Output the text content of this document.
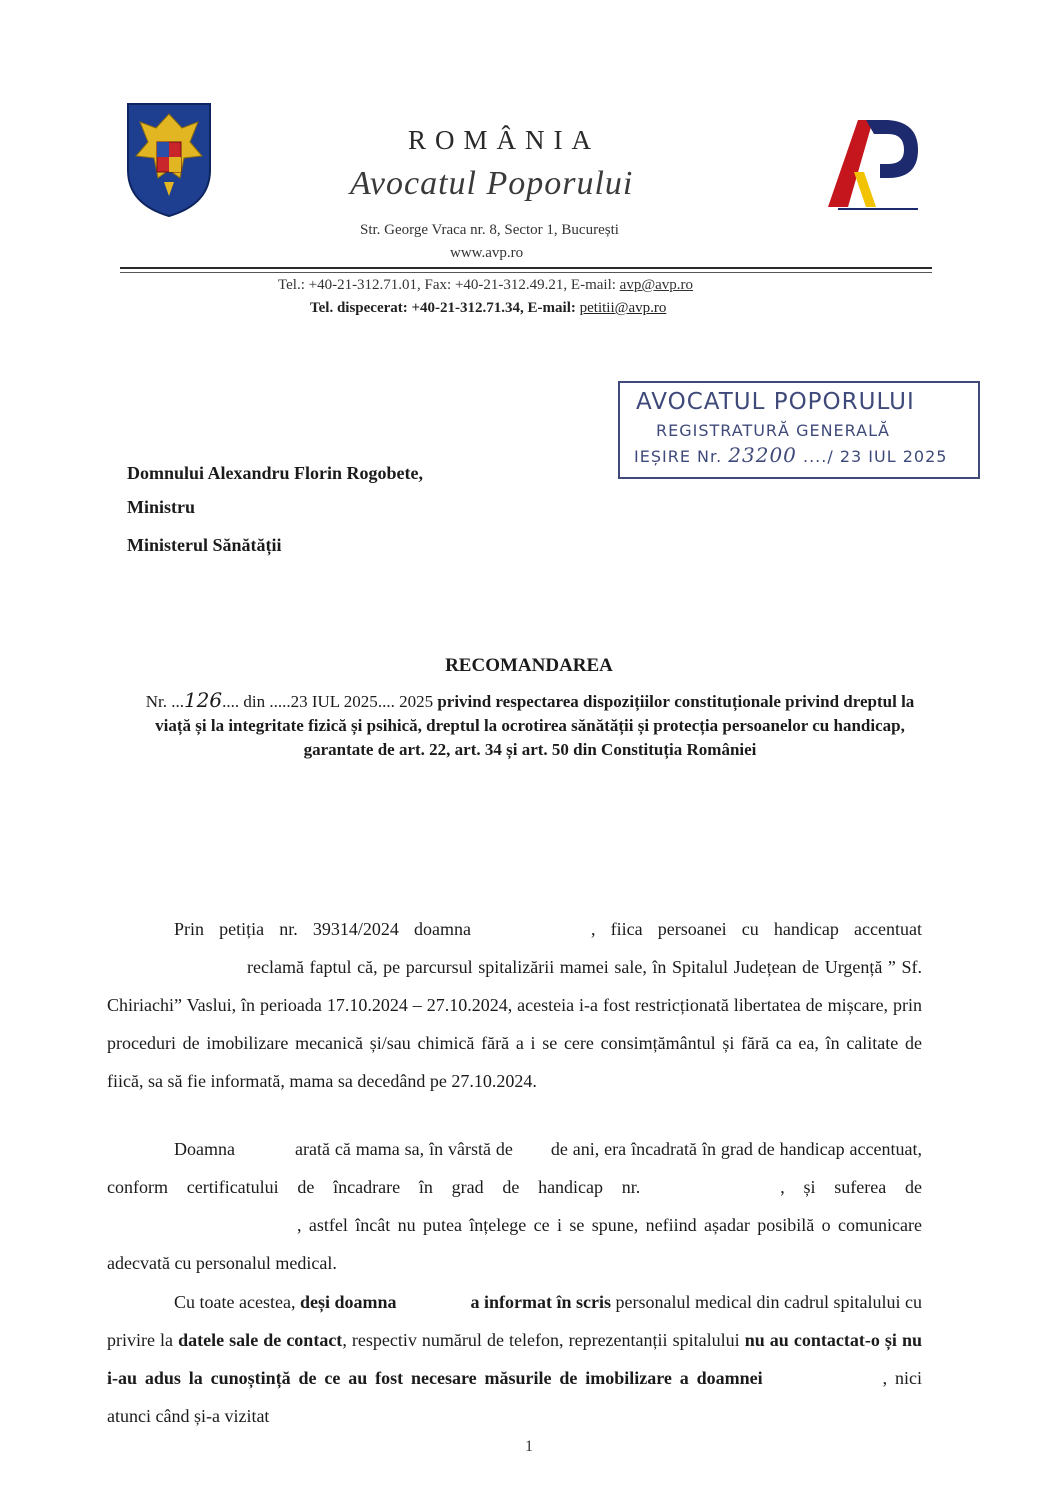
ROMÂNIA
Avocatul Poporului
Str. George Vraca nr. 8, Sector 1, București
www.avp.ro
Tel.: +40-21-312.71.01, Fax: +40-21-312.49.21, E-mail: avp@avp.ro
Tel. dispecerat: +40-21-312.71.34, E-mail: petitii@avp.ro
AVOCATUL POPORULUI
REGISTRATURĂ GENERALĂ
IEȘIRE Nr. 23200 ..../ 23 IUL 2025
Domnului Alexandru Florin Rogobete,
Ministru
Ministerul Sănătății
RECOMANDAREA
Nr. ...126.... din .....23 IUL 2025.... 2025 privind respectarea dispozițiilor constituționale privind dreptul la viață și la integritate fizică și psihică, dreptul la ocrotirea sănătății și protecția persoanelor cu handicap, garantate de art. 22, art. 34 și art. 50 din Constituția României
Prin petiția nr. 39314/2024 doamna	, fiica persoanei cu handicap accentuatreclamă faptul că, pe parcursul spitalizării mamei sale, în Spitalul Județean de Urgență ” Sf. Chiriachi” Vaslui, în perioada 17.10.2024 – 27.10.2024, acesteia i-a fost restricționată libertatea de mișcare, prin proceduri de imobilizare mecanică și/sau chimică fără a i se cere consimțământul și fără ca ea, în calitate de fiică, sa să fie informată, mama sa decedând pe 27.10.2024.
Doamna	arată că mama sa, în vârstă de de ani, era încadrată în grad de handicap accentuat, conform certificatului de încadrare în grad de handicap nr.	, și suferea de, astfel încât nu putea înțelege ce i se spune, nefiind așadar posibilă o comunicare adecvată cu personalul medical.
Cu toate acestea, deși doamna	a informat în scris personalul medical din cadrul spitalului cu privire la datele sale de contact, respectiv numărul de telefon, reprezentanții spitalului nu au contactat-o și nu i-au adus la cunoștință de ce au fost necesare măsurile de imobilizare a doamnei	, nici atunci când și-a vizitat
1
